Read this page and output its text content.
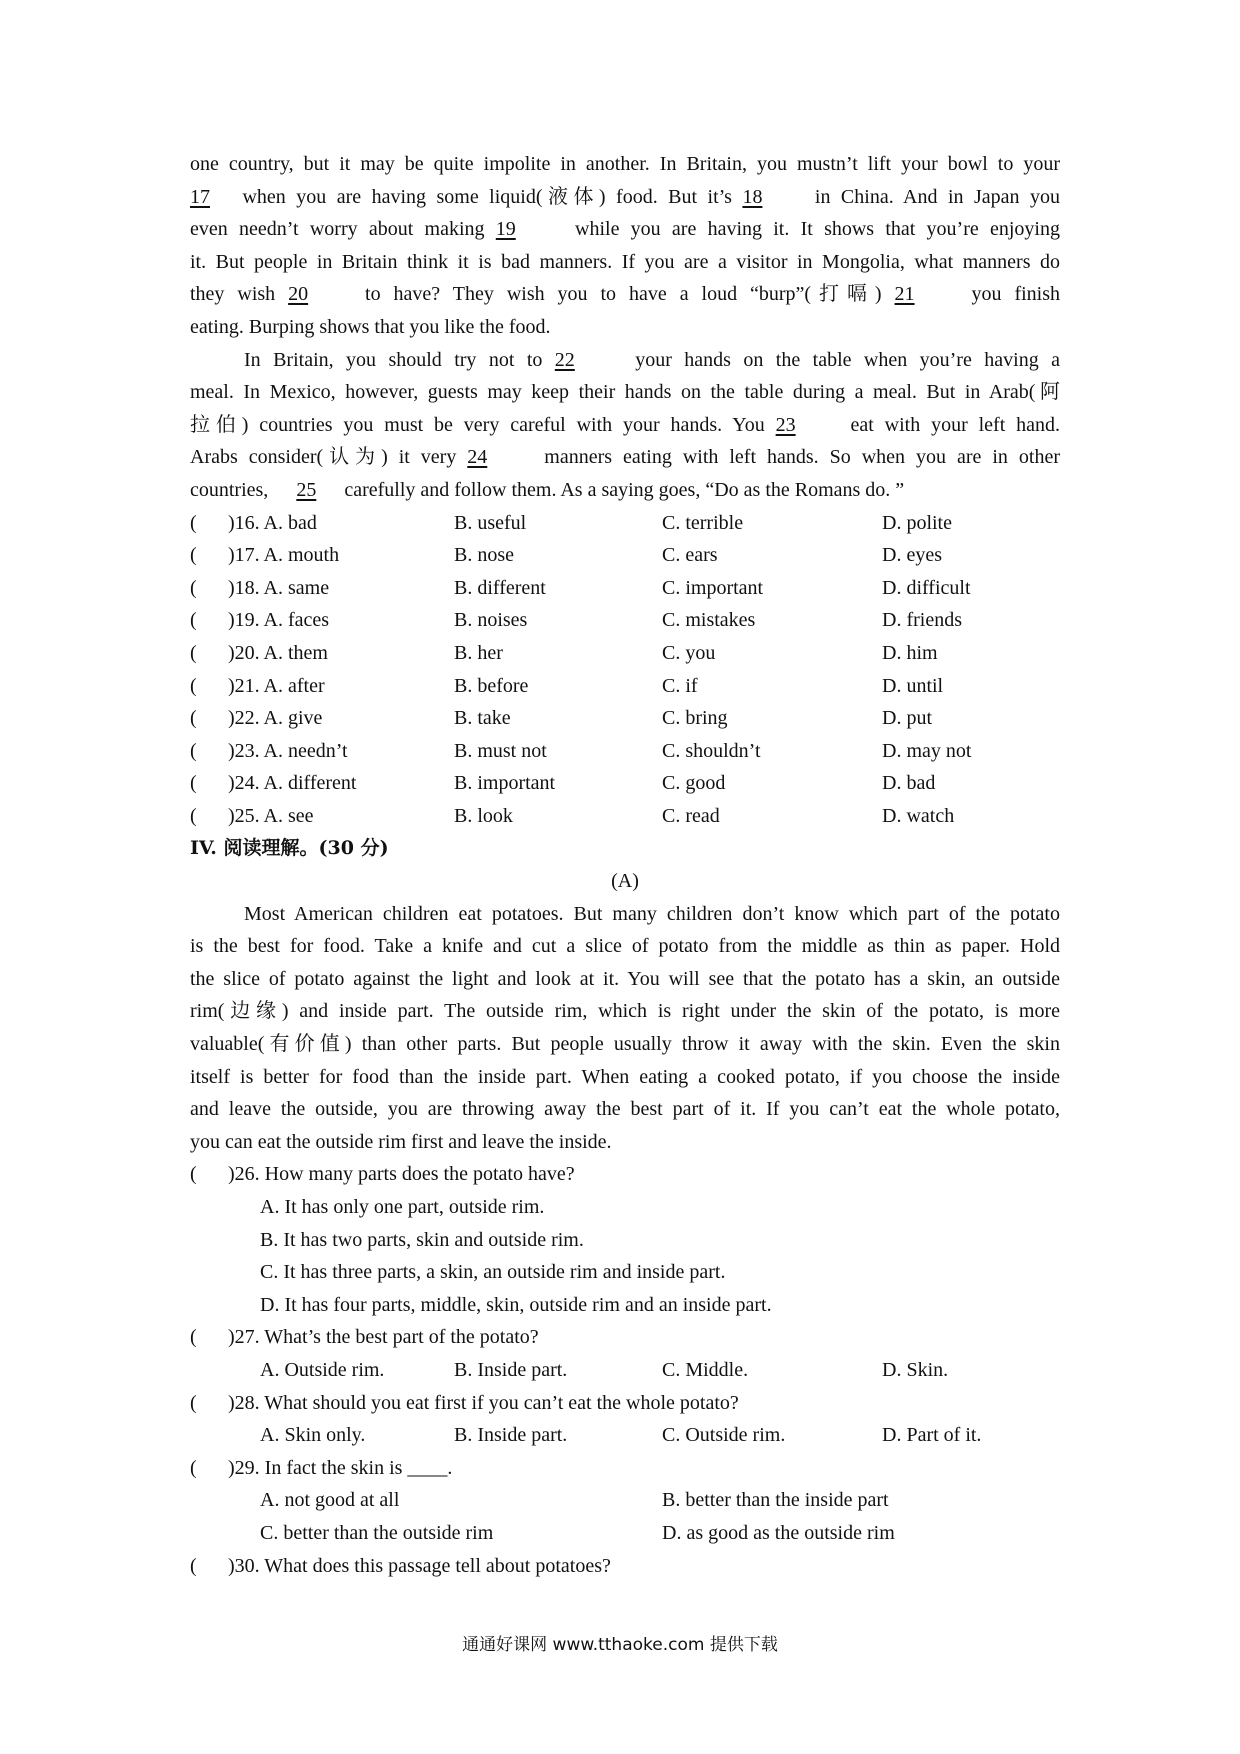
one country, but it may be quite impolite in another. In Britain, you mustn’t lift your bowl to your
17 when you are having some liquid(液体) food. But it’s 18 in China. And in Japan you
even needn’t worry about making 19 while you are having it. It shows that you’re enjoying
it. But people in Britain think it is bad manners. If you are a visitor in Mongolia, what manners do
they wish 20 to have? They wish you to have a loud “burp”(打嗝) 21 you finish
eating. Burping shows that you like the food.
In Britain, you should try not to 22 your hands on the table when you’re having a
meal. In Mexico, however, guests may keep their hands on the table during a meal. But in Arab(阿
拉伯) countries you must be very careful with your hands. You 23 eat with your left hand.
Arabs consider(认为) it very 24 manners eating with left hands. So when you are in other
countries, 25 carefully and follow them. As a saying goes, “Do as the Romans do. ”
( )16. A. bad	B. useful	C. terrible	D. polite
( )17. A. mouth	B. nose	C. ears	D. eyes
( )18. A. same	B. different	C. important	D. difficult
( )19. A. faces	B. noises	C. mistakes	D. friends
( )20. A. them	B. her	C. you	D. him
( )21. A. after	B. before	C. if	D. until
( )22. A. give	B. take	C. bring	D. put
( )23. A. needn’t	B. must not	C. shouldn’t	D. may not
( )24. A. different	B. important	C. good	D. bad
( )25. A. see	B. look	C. read	D. watch
IV. 阅读理解。(30 分)
(A)
Most American children eat potatoes. But many children don’t know which part of the potato
is the best for food. Take a knife and cut a slice of potato from the middle as thin as paper. Hold
the slice of potato against the light and look at it. You will see that the potato has a skin, an outside
rim(边缘) and inside part. The outside rim, which is right under the skin of the potato, is more
valuable(有价值) than other parts. But people usually throw it away with the skin. Even the skin
itself is better for food than the inside part. When eating a cooked potato, if you choose the inside
and leave the outside, you are throwing away the best part of it. If you can’t eat the whole potato,
you can eat the outside rim first and leave the inside.
( )26. How many parts does the potato have?
A. It has only one part, outside rim.
B. It has two parts, skin and outside rim.
C. It has three parts, a skin, an outside rim and inside part.
D. It has four parts, middle, skin, outside rim and an inside part.
( )27. What’s the best part of the potato?
A. Outside rim.	B. Inside part.	C. Middle.	D. Skin.
( )28. What should you eat first if you can’t eat the whole potato?
A. Skin only.	B. Inside part.	C. Outside rim.	D. Part of it.
( )29. In fact the skin is ____.
A. not good at all	B. better than the inside part
C. better than the outside rim	D. as good as the outside rim
( )30. What does this passage tell about potatoes?
通通好课网 www.tthaoke.com 提供下载
